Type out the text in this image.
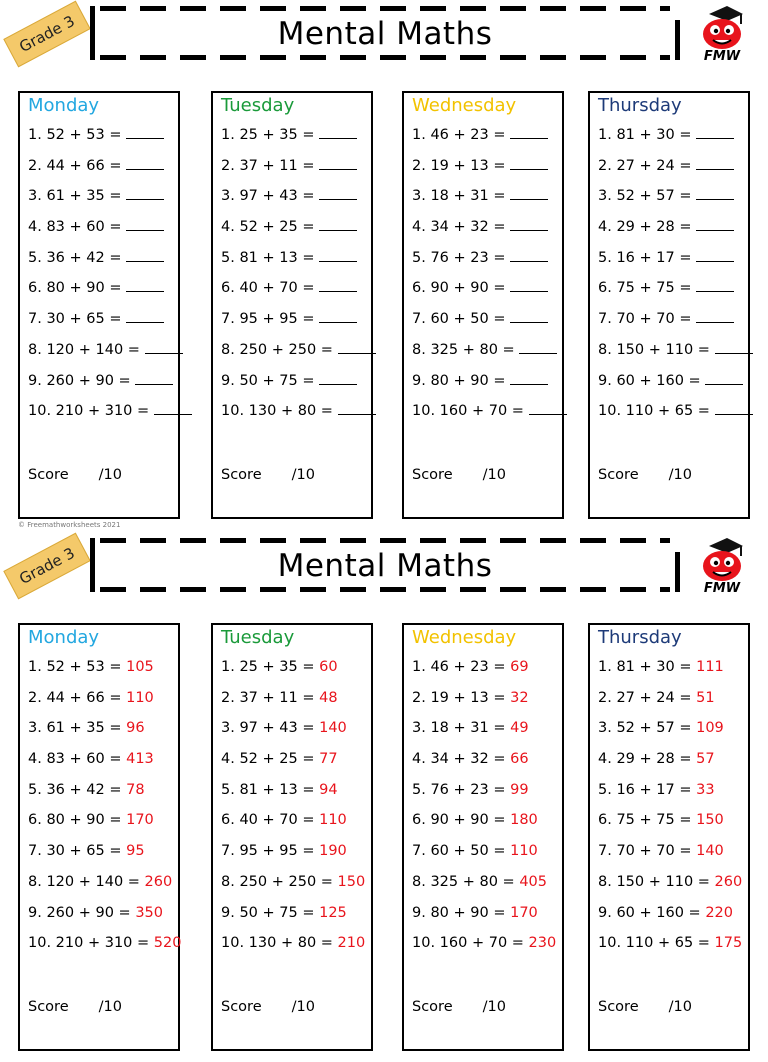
Grade 3	Mental Maths
FMW
Monday
1. 52 + 53 =
2. 44 + 66 =
3. 61 + 35 =
4. 83 + 60 =
5. 36 + 42 =
6. 80 + 90 =
7. 30 + 65 =
8. 120 + 140 =
9. 260 + 90 =
10. 210 + 310 =
Score /10
Tuesday
1. 25 + 35 =
2. 37 + 11 =
3. 97 + 43 =
4. 52 + 25 =
5. 81 + 13 =
6. 40 + 70 =
7. 95 + 95 =
8. 250 + 250 =
9. 50 + 75 =
10. 130 + 80 =
Score /10
Wednesday
1. 46 + 23 =
2. 19 + 13 =
3. 18 + 31 =
4. 34 + 32 =
5. 76 + 23 =
6. 90 + 90 =
7. 60 + 50 =
8. 325 + 80 =
9. 80 + 90 =
10. 160 + 70 =
Score /10
Thursday
1. 81 + 30 =
2. 27 + 24 =
3. 52 + 57 =
4. 29 + 28 =
5. 16 + 17 =
6. 75 + 75 =
7. 70 + 70 =
8. 150 + 110 =
9. 60 + 160 =
10. 110 + 65 =
Score /10
© Freemathworksheets 2021
Grade 3	Mental Maths
FMW
Monday
1. 52 + 53 = 105
2. 44 + 66 = 110
3. 61 + 35 = 96
4. 83 + 60 = 413
5. 36 + 42 = 78
6. 80 + 90 = 170
7. 30 + 65 = 95
8. 120 + 140 = 260
9. 260 + 90 = 350
10. 210 + 310 = 520
Score /10
Tuesday
1. 25 + 35 = 60
2. 37 + 11 = 48
3. 97 + 43 = 140
4. 52 + 25 = 77
5. 81 + 13 = 94
6. 40 + 70 = 110
7. 95 + 95 = 190
8. 250 + 250 = 150
9. 50 + 75 = 125
10. 130 + 80 = 210
Score /10
Wednesday
1. 46 + 23 = 69
2. 19 + 13 = 32
3. 18 + 31 = 49
4. 34 + 32 = 66
5. 76 + 23 = 99
6. 90 + 90 = 180
7. 60 + 50 = 110
8. 325 + 80 = 405
9. 80 + 90 = 170
10. 160 + 70 = 230
Score /10
Thursday
1. 81 + 30 = 111
2. 27 + 24 = 51
3. 52 + 57 = 109
4. 29 + 28 = 57
5. 16 + 17 = 33
6. 75 + 75 = 150
7. 70 + 70 = 140
8. 150 + 110 = 260
9. 60 + 160 = 220
10. 110 + 65 = 175
Score /10
